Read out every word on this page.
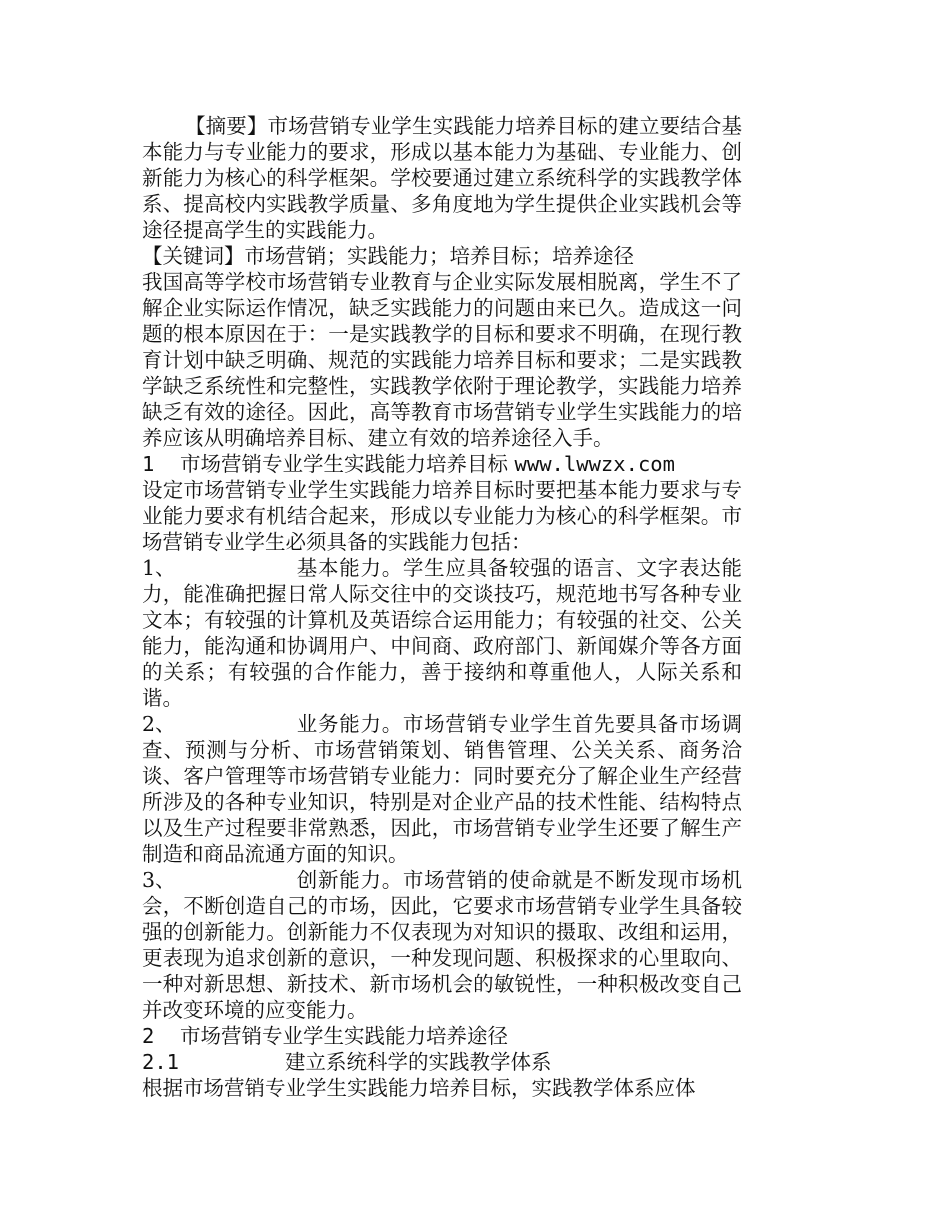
【摘要】市场营销专业学生实践能力培养目标的建立要结合基本能力与专业能力的要求，形成以基本能力为基础、专业能力、创新能力为核心的科学框架。学校要通过建立系统科学的实践教学体系、提高校内实践教学质量、多角度地为学生提供企业实践机会等途径提高学生的实践能力。

【关键词】市场营销；实践能力；培养目标；培养途径

我国高等学校市场营销专业教育与企业实际发展相脱离，学生不了解企业实际运作情况，缺乏实践能力的问题由来已久。造成这一问题的根本原因在于：一是实践教学的目标和要求不明确，在现行教育计划中缺乏明确、规范的实践能力培养目标和要求；二是实践教学缺乏系统性和完整性，实践教学依附于理论教学，实践能力培养缺乏有效的途径。因此，高等教育市场营销专业学生实践能力的培养应该从明确培养目标、建立有效的培养途径入手。

1 市场营销专业学生实践能力培养目标 www.lwwzx.com

设定市场营销专业学生实践能力培养目标时要把基本能力要求与专业能力要求有机结合起来，形成以专业能力为核心的科学框架。市场营销专业学生必须具备的实践能力包括：

1、	基本能力。学生应具备较强的语言、文字表达能力，能准确把握日常人际交往中的交谈技巧，规范地书写各种专业文本；有较强的计算机及英语综合运用能力；有较强的社交、公关能力，能沟通和协调用户、中间商、政府部门、新闻媒介等各方面的关系；有较强的合作能力，善于接纳和尊重他人，人际关系和谐。

2、	业务能力。市场营销专业学生首先要具备市场调查、预测与分析、市场营销策划、销售管理、公关关系、商务洽谈、客户管理等市场营销专业能力：同时要充分了解企业生产经营所涉及的各种专业知识，特别是对企业产品的技术性能、结构特点以及生产过程要非常熟悉，因此，市场营销专业学生还要了解生产制造和商品流通方面的知识。

3、	创新能力。市场营销的使命就是不断发现市场机会，不断创造自己的市场，因此，它要求市场营销专业学生具备较强的创新能力。创新能力不仅表现为对知识的摄取、改组和运用，更表现为追求创新的意识，一种发现问题、积极探求的心里取向、一种对新思想、新技术、新市场机会的敏锐性，一种积极改变自己并改变环境的应变能力。

2 市场营销专业学生实践能力培养途径

2.1	建立系统科学的实践教学体系

根据市场营销专业学生实践能力培养目标，实践教学体系应体
